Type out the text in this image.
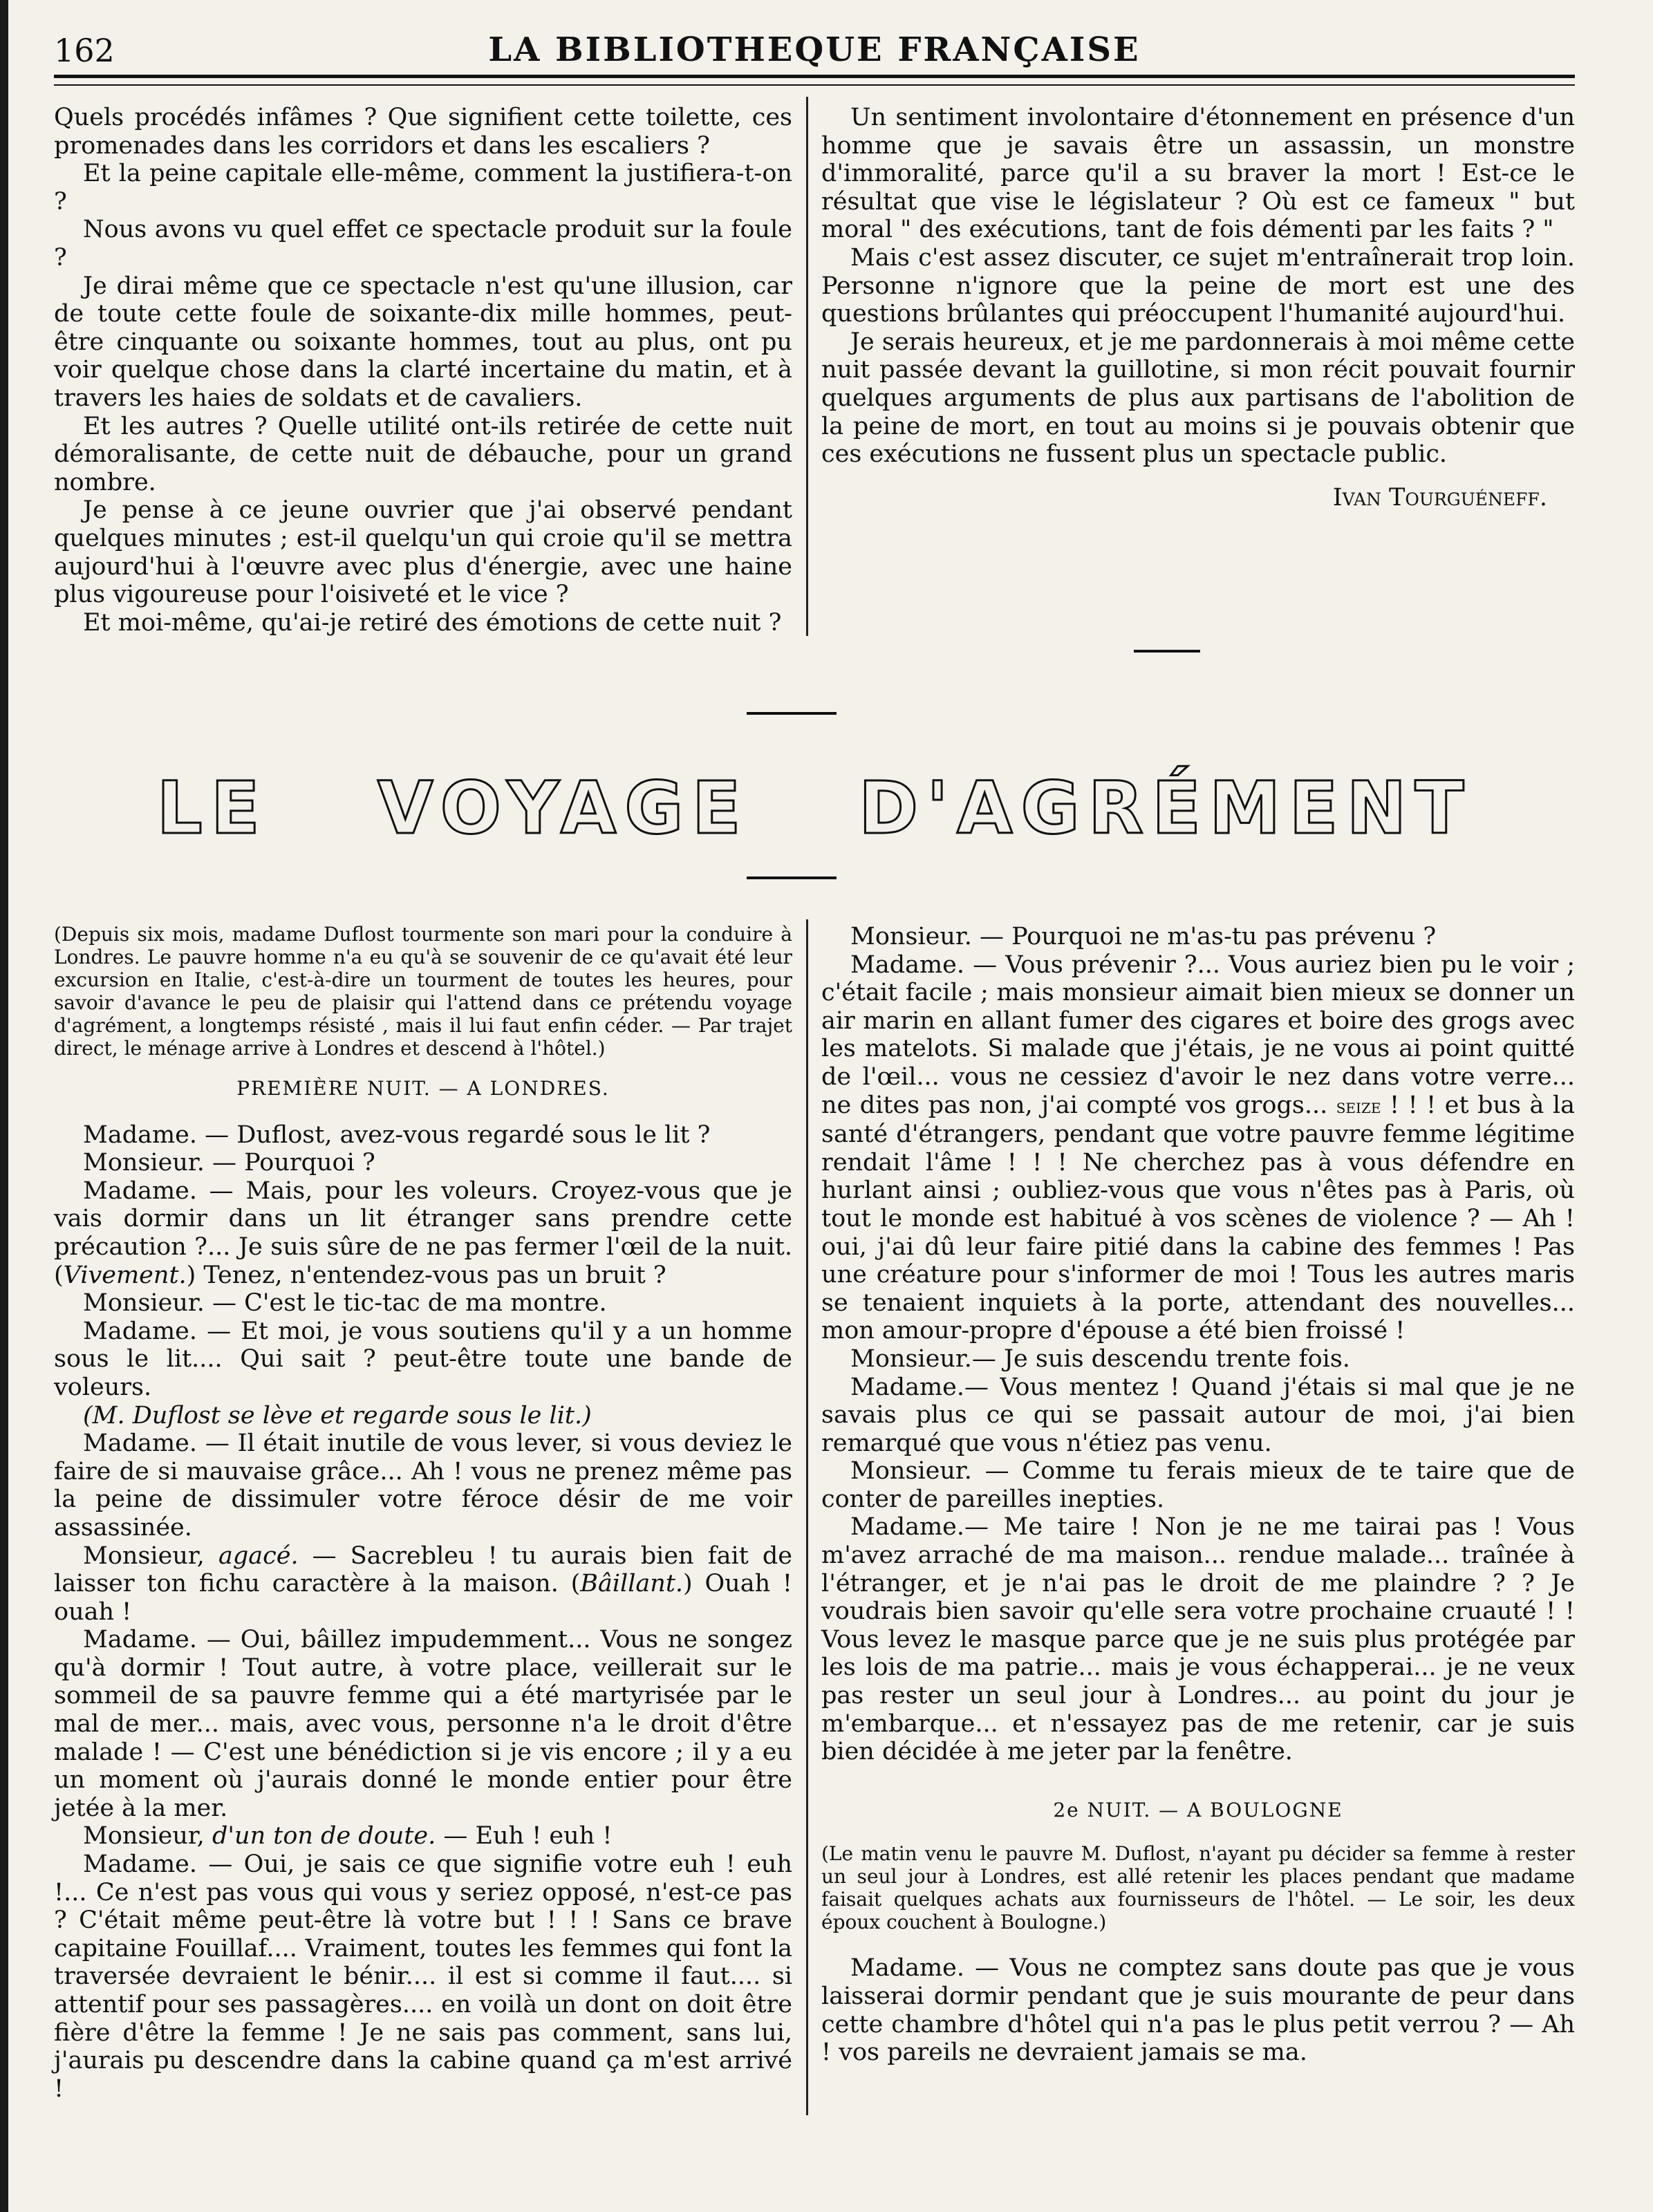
162	LA BIBLIOTHEQUE FRANÇAISE

Quels procédés infâmes ? Que signifient cette toilette, ces promenades dans les corridors et dans les escaliers ?

Et la peine capitale elle-même, comment la justifiera-t-on ?

Nous avons vu quel effet ce spectacle produit sur la foule ?

Je dirai même que ce spectacle n'est qu'une illusion, car de toute cette foule de soixante-dix mille hommes, peut-être cinquante ou soixante hommes, tout au plus, ont pu voir quelque chose dans la clarté incertaine du matin, et à travers les haies de soldats et de cavaliers.

Et les autres ? Quelle utilité ont-ils retirée de cette nuit démoralisante, de cette nuit de débauche, pour un grand nombre.

Je pense à ce jeune ouvrier que j'ai observé pendant quelques minutes ; est-il quelqu'un qui croie qu'il se mettra aujourd'hui à l'œuvre avec plus d'énergie, avec une haine plus vigoureuse pour l'oisiveté et le vice ?

Et moi-même, qu'ai-je retiré des émotions de cette nuit ?

Un sentiment involontaire d'étonnement en présence d'un homme que je savais être un assassin, un monstre d'immoralité, parce qu'il a su braver la mort ! Est-ce le résultat que vise le législateur ? Où est ce fameux " but moral " des exécutions, tant de fois démenti par les faits ? "

Mais c'est assez discuter, ce sujet m'entraînerait trop loin. Personne n'ignore que la peine de mort est une des questions brûlantes qui préoccupent l'humanité aujourd'hui.

Je serais heureux, et je me pardonnerais à moi même cette nuit passée devant la guillotine, si mon récit pouvait fournir quelques arguments de plus aux partisans de l'abolition de la peine de mort, en tout au moins si je pouvais obtenir que ces exécutions ne fussent plus un spectacle public.

Ivan Tourguéneff.

LE VOYAGE D'AGRÉMENT

(Depuis six mois, madame Duflost tourmente son mari pour la conduire à Londres. Le pauvre homme n'a eu qu'à se souvenir de ce qu'avait été leur excursion en Italie, c'est-à-dire un tourment de toutes les heures, pour savoir d'avance le peu de plaisir qui l'attend dans ce prétendu voyage d'agrément, a longtemps résisté , mais il lui faut enfin céder. — Par trajet direct, le ménage arrive à Londres et descend à l'hôtel.)

PREMIÈRE NUIT. — A LONDRES.

Madame. — Duflost, avez-vous regardé sous le lit ?

Monsieur. — Pourquoi ?

Madame. — Mais, pour les voleurs. Croyez-vous que je vais dormir dans un lit étranger sans prendre cette précaution ?... Je suis sûre de ne pas fermer l'œil de la nuit. (Vivement.) Tenez, n'entendez-vous pas un bruit ?

Monsieur. — C'est le tic-tac de ma montre.

Madame. — Et moi, je vous soutiens qu'il y a un homme sous le lit.... Qui sait ? peut-être toute une bande de voleurs.

(M. Duflost se lève et regarde sous le lit.)

Madame. — Il était inutile de vous lever, si vous deviez le faire de si mauvaise grâce... Ah ! vous ne prenez même pas la peine de dissimuler votre féroce désir de me voir assassinée.

Monsieur, agacé. — Sacrebleu ! tu aurais bien fait de laisser ton fichu caractère à la maison. (Bâillant.) Ouah ! ouah !

Madame. — Oui, bâillez impudemment... Vous ne songez qu'à dormir ! Tout autre, à votre place, veillerait sur le sommeil de sa pauvre femme qui a été martyrisée par le mal de mer... mais, avec vous, personne n'a le droit d'être malade ! — C'est une bénédiction si je vis encore ; il y a eu un moment où j'aurais donné le monde entier pour être jetée à la mer.

Monsieur, d'un ton de doute. — Euh ! euh !

Madame. — Oui, je sais ce que signifie votre euh ! euh !... Ce n'est pas vous qui vous y seriez opposé, n'est-ce pas ? C'était même peut-être là votre but ! ! ! Sans ce brave capitaine Fouillaf.... Vraiment, toutes les femmes qui font la traversée devraient le bénir.... il est si comme il faut.... si attentif pour ses passagères.... en voilà un dont on doit être fière d'être la femme ! Je ne sais pas comment, sans lui, j'aurais pu descendre dans la cabine quand ça m'est arrivé !

Monsieur. — Pourquoi ne m'as-tu pas prévenu ?

Madame. — Vous prévenir ?... Vous auriez bien pu le voir ; c'était facile ; mais monsieur aimait bien mieux se donner un air marin en allant fumer des cigares et boire des grogs avec les matelots. Si malade que j'étais, je ne vous ai point quitté de l'œil... vous ne cessiez d'avoir le nez dans votre verre... ne dites pas non, j'ai compté vos grogs... seize ! ! ! et bus à la santé d'étrangers, pendant que votre pauvre femme légitime rendait l'âme ! ! ! Ne cherchez pas à vous défendre en hurlant ainsi ; oubliez-vous que vous n'êtes pas à Paris, où tout le monde est habitué à vos scènes de violence ? — Ah ! oui, j'ai dû leur faire pitié dans la cabine des femmes ! Pas une créature pour s'informer de moi ! Tous les autres maris se tenaient inquiets à la porte, attendant des nouvelles... mon amour-propre d'épouse a été bien froissé !

Monsieur.— Je suis descendu trente fois.

Madame.— Vous mentez ! Quand j'étais si mal que je ne savais plus ce qui se passait autour de moi, j'ai bien remarqué que vous n'étiez pas venu.

Monsieur. — Comme tu ferais mieux de te taire que de conter de pareilles inepties.

Madame.— Me taire ! Non je ne me tairai pas ! Vous m'avez arraché de ma maison... rendue malade... traînée à l'étranger, et je n'ai pas le droit de me plaindre ? ? Je voudrais bien savoir qu'elle sera votre prochaine cruauté ! ! Vous levez le masque parce que je ne suis plus protégée par les lois de ma patrie... mais je vous échapperai... je ne veux pas rester un seul jour à Londres... au point du jour je m'embarque... et n'essayez pas de me retenir, car je suis bien décidée à me jeter par la fenêtre.

2e NUIT. — A BOULOGNE

(Le matin venu le pauvre M. Duflost, n'ayant pu décider sa femme à rester un seul jour à Londres, est allé retenir les places pendant que madame faisait quelques achats aux fournisseurs de l'hôtel. — Le soir, les deux époux couchent à Boulogne.)

Madame. — Vous ne comptez sans doute pas que je vous laisserai dormir pendant que je suis mourante de peur dans cette chambre d'hôtel qui n'a pas le plus petit verrou ? — Ah ! vos pareils ne devraient jamais se ma.
